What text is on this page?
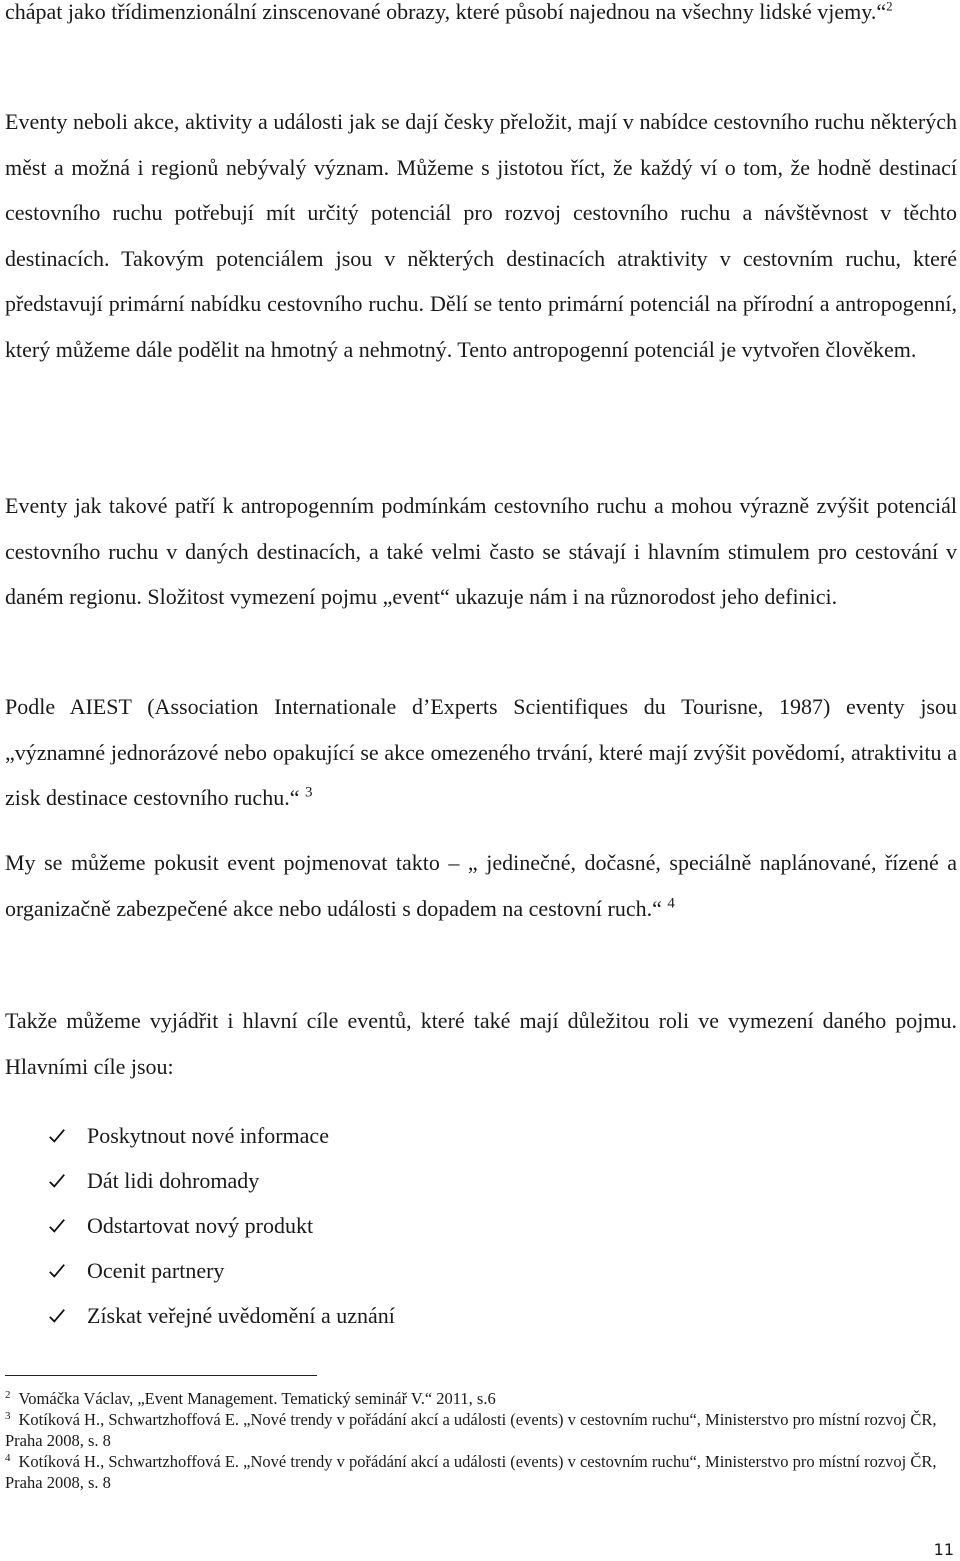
chápat jako třídimenzionální zinscenované obrazy, které působí najednou na všechny lidské vjemy.“$^2$

Eventy neboli akce, aktivity a události jak se dají česky přeložit, mají v nabídce cestovního ruchu některých měst a možná i regionů nebývalý význam. Můžeme s jistotou říct, že každý ví o tom, že hodně destinací cestovního ruchu potřebují mít určitý potenciál pro rozvoj cestovního ruchu a návštěvnost v těchto destinacích. Takovým potenciálem jsou v některých destinacích atraktivity v cestovním ruchu, které představují primární nabídku cestovního ruchu. Dělí se tento primární potenciál na přírodní a antropogenní, který můžeme dále podělit na hmotný a nehmotný. Tento antropogenní potenciál je vytvořen člověkem.

Eventy jak takové patří k antropogenním podmínkám cestovního ruchu a mohou výrazně zvýšit potenciál cestovního ruchu v daných destinacích, a také velmi často se stávají i hlavním stimulem pro cestování v daném regionu. Složitost vymezení pojmu „event“ ukazuje nám i na různorodost jeho definici.

Podle AIEST (Association Internationale d’Experts Scientifiques du Tourisne, 1987) eventy jsou „významné jednorázové nebo opakující se akce omezeného trvání, které mají zvýšit povědomí, atraktivitu a zisk destinace cestovního ruchu.“ $^3$

My se můžeme pokusit event pojmenovat takto – „ jedinečné, dočasné, speciálně naplánované, řízené a organizačně zabezpečené akce nebo události s dopadem na cestovní ruch.“ $^4$

Takže můžeme vyjádřit i hlavní cíle eventů, které také mají důležitou roli ve vymezení daného pojmu. Hlavními cíle jsou:

Poskytnout nové informace
Dát lidi dohromady
Odstartovat nový produkt
Ocenit partnery
Získat veřejné uvědomění a uznání

$^2$ Vomáčka Václav, „Event Management. Tematický seminář V.“ 2011, s.6

$^3$ Kotíková H., Schwartzhoffová E. „Nové trendy v pořádání akcí a události (events) v cestovním ruchu“, Ministerstvo pro místní rozvoj ČR, Praha 2008, s. 8

$^4$ Kotíková H., Schwartzhoffová E. „Nové trendy v pořádání akcí a události (events) v cestovním ruchu“, Ministerstvo pro místní rozvoj ČR, Praha 2008, s. 8

11
